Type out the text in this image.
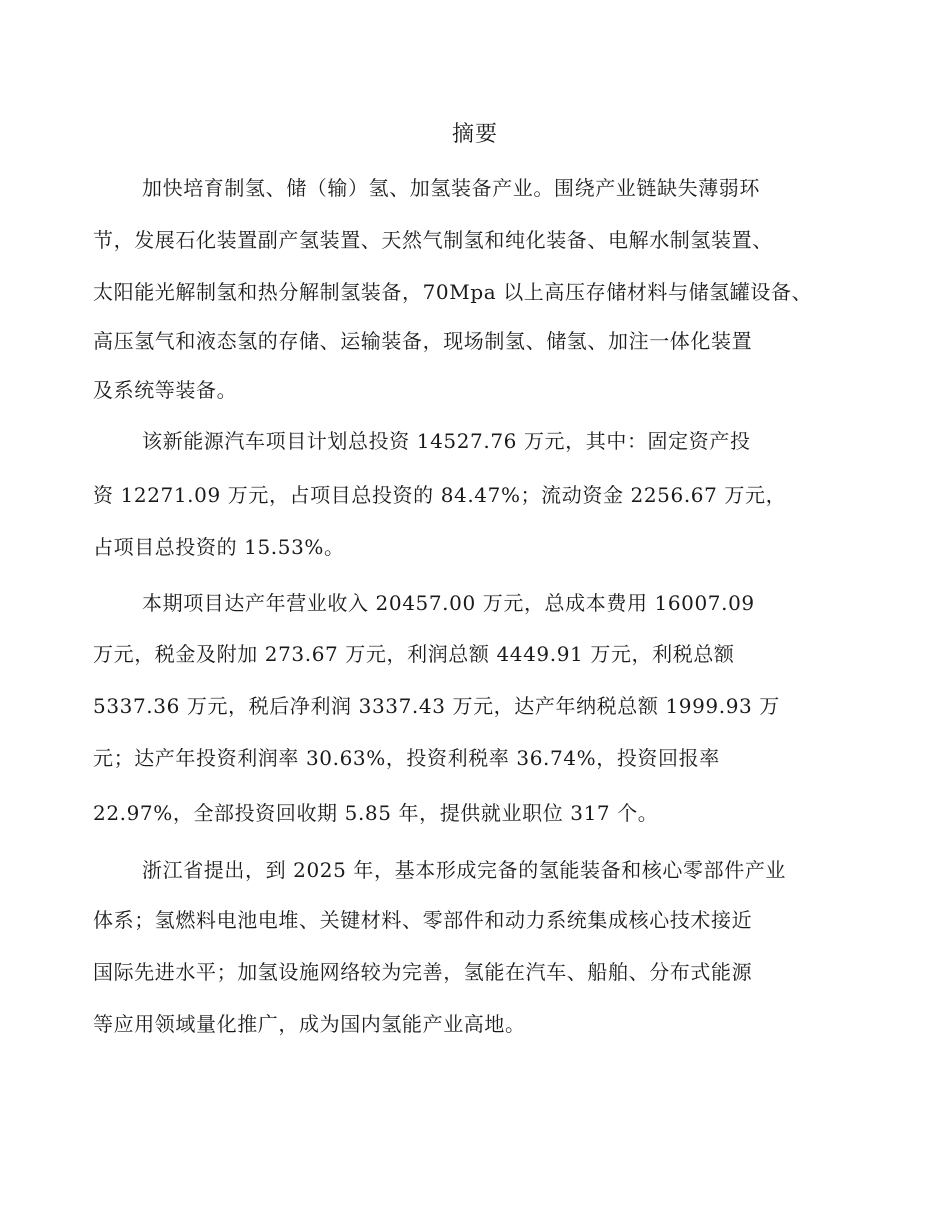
摘要
加快培育制氢、储（输）氢、加氢装备产业。围绕产业链缺失薄弱环
节，发展石化装置副产氢装置、天然气制氢和纯化装备、电解水制氢装置、
太阳能光解制氢和热分解制氢装备，70Mpa 以上高压存储材料与储氢罐设备、
高压氢气和液态氢的存储、运输装备，现场制氢、储氢、加注一体化装置
及系统等装备。
该新能源汽车项目计划总投资 14527.76 万元，其中：固定资产投
资 12271.09 万元，占项目总投资的 84.47%；流动资金 2256.67 万元，
占项目总投资的 15.53%。
本期项目达产年营业收入 20457.00 万元，总成本费用 16007.09
万元，税金及附加 273.67 万元，利润总额 4449.91 万元，利税总额
5337.36 万元，税后净利润 3337.43 万元，达产年纳税总额 1999.93 万
元；达产年投资利润率 30.63%，投资利税率 36.74%，投资回报率
22.97%，全部投资回收期 5.85 年，提供就业职位 317 个。
浙江省提出，到 2025 年，基本形成完备的氢能装备和核心零部件产业
体系；氢燃料电池电堆、关键材料、零部件和动力系统集成核心技术接近
国际先进水平；加氢设施网络较为完善，氢能在汽车、船舶、分布式能源
等应用领域量化推广，成为国内氢能产业高地。
